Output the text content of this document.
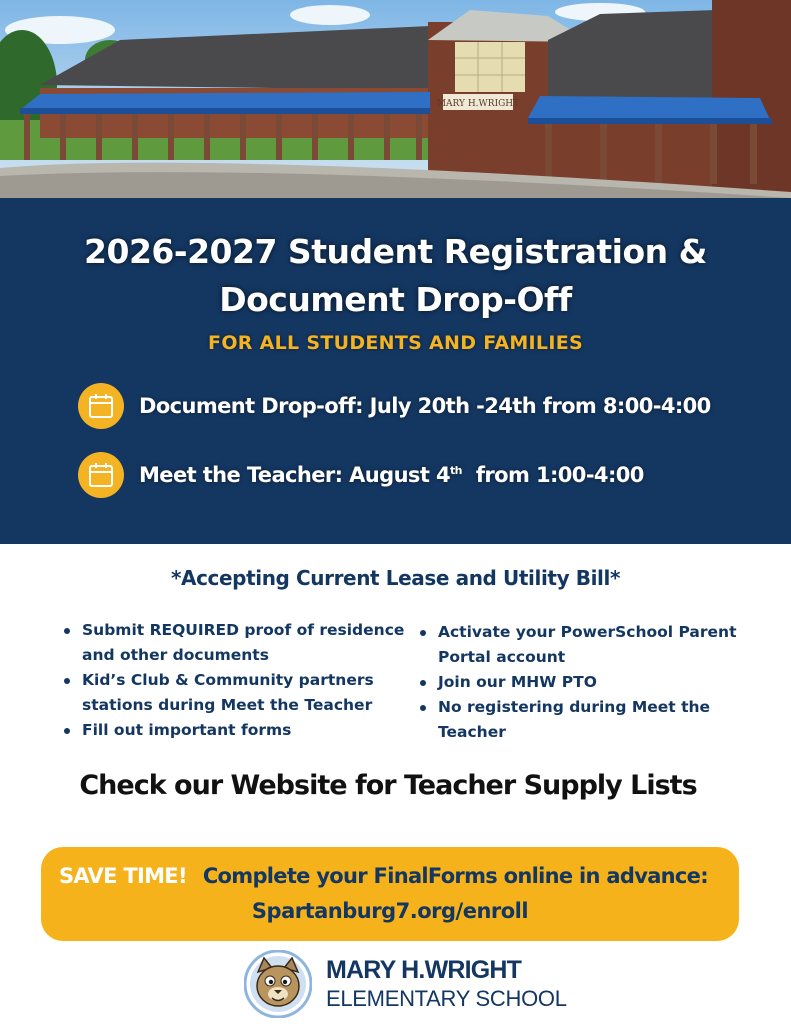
MARY H.WRIGHT
2026-2027 Student Registration &
Document Drop-Off
FOR ALL STUDENTS AND FAMILIES
Document Drop-off: July 20th -24th from 8:00-4:00
Meet the Teacher: August 4th from 1:00-4:00
*Accepting Current Lease and Utility Bill*
Submit REQUIRED proof of residence and other documents
Kid’s Club & Community partners stations during Meet the Teacher
Fill out important forms
Activate your PowerSchool Parent Portal account
Join our MHW PTO
No registering during Meet the Teacher
Check our Website for Teacher Supply Lists
SAVE TIME! Complete your FinalForms online in advance:
Spartanburg7.org/enroll
MARY H.WRIGHT
ELEMENTARY SCHOOL
